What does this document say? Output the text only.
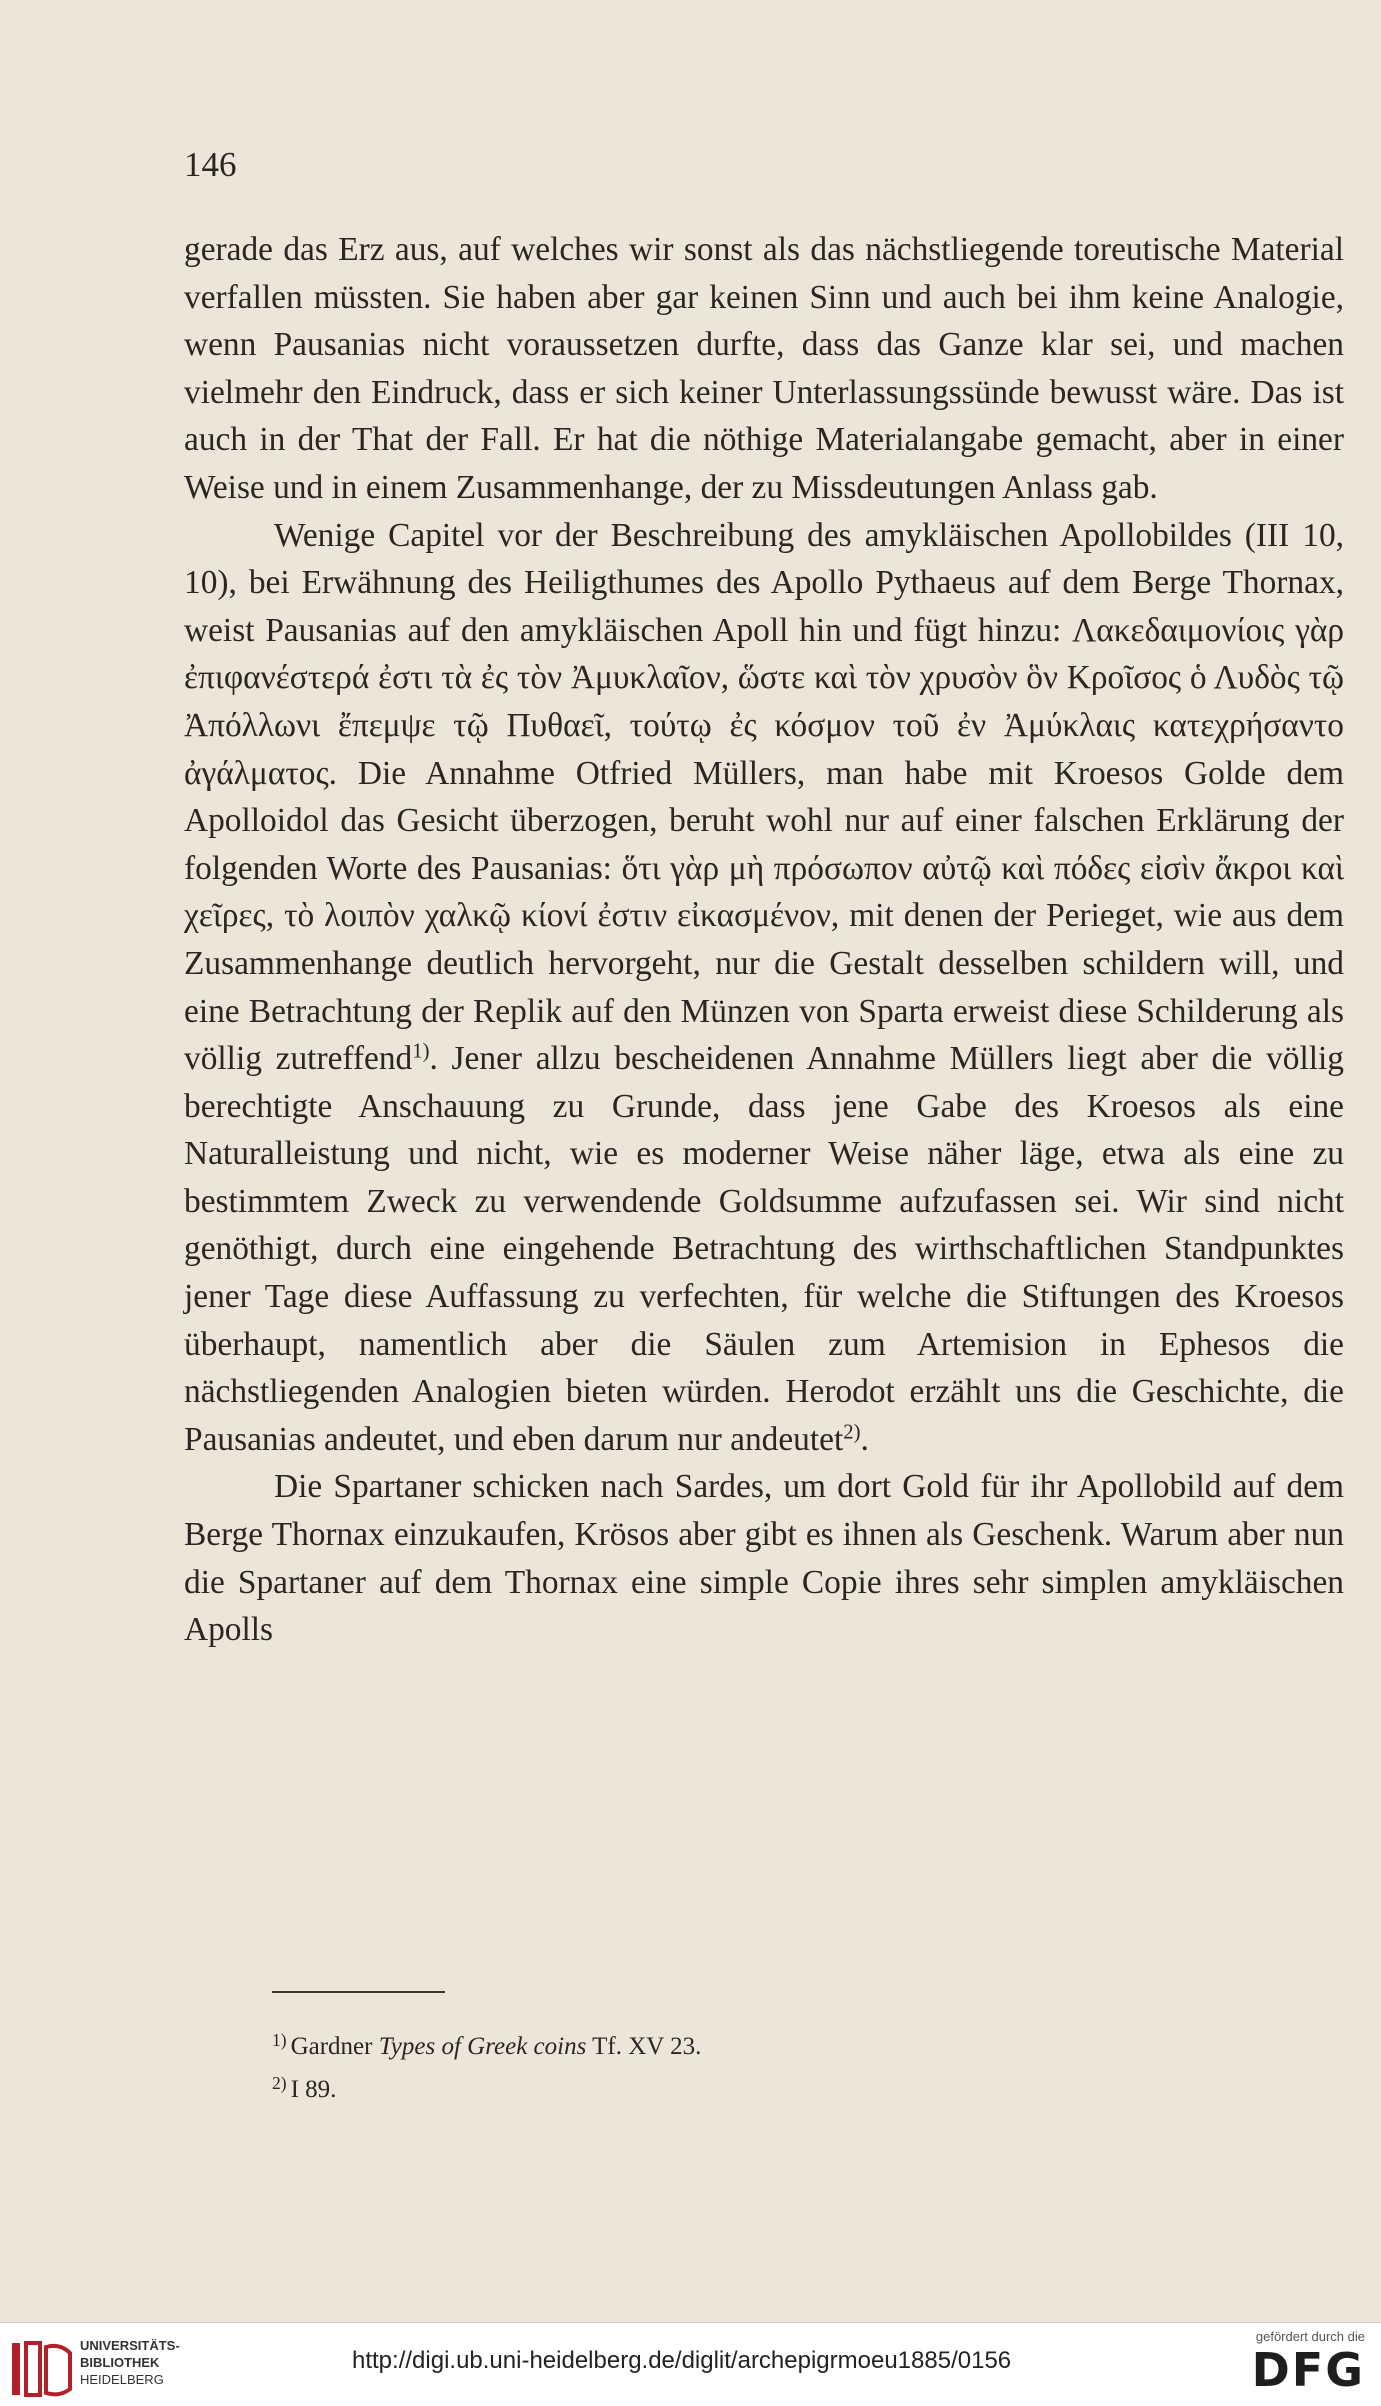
146

gerade das Erz aus, auf welches wir sonst als das nächstliegende toreutische Material verfallen müssten. Sie haben aber gar keinen Sinn und auch bei ihm keine Analogie, wenn Pausanias nicht voraussetzen durfte, dass das Ganze klar sei, und machen vielmehr den Eindruck, dass er sich keiner Unterlassungssünde bewusst wäre. Das ist auch in der That der Fall. Er hat die nöthige Materialangabe gemacht, aber in einer Weise und in einem Zusammenhange, der zu Missdeutungen Anlass gab.

Wenige Capitel vor der Beschreibung des amykläischen Apollobildes (III 10, 10), bei Erwähnung des Heiligthumes des Apollo Pythaeus auf dem Berge Thornax, weist Pausanias auf den amykläischen Apoll hin und fügt hinzu: Λακεδαιμονίοις γὰρ ἐπιφανέστερά ἐστι τὰ ἐς τὸν Ἀμυκλαῖον, ὥστε καὶ τὸν χρυσὸν ὃν Κροῖσος ὁ Λυδὸς τῷ Ἀπόλλωνι ἔπεμψε τῷ Πυθαεῖ, τούτῳ ἐς κόσμον τοῦ ἐν Ἀμύκλαις κατεχρήσαντο ἀγάλματος. Die Annahme Otfried Müllers, man habe mit Kroesos Golde dem Apolloidol das Gesicht überzogen, beruht wohl nur auf einer falschen Erklärung der folgenden Worte des Pausanias: ὅτι γὰρ μὴ πρόσωπον αὐτῷ καὶ πόδες εἰσὶν ἄκροι καὶ χεῖρες, τὸ λοιπὸν χαλκῷ κίονί ἐστιν εἰκασμένον, mit denen der Perieget, wie aus dem Zusammenhange deutlich hervorgeht, nur die Gestalt desselben schildern will, und eine Betrachtung der Replik auf den Münzen von Sparta erweist diese Schilderung als völlig zutreffend$^{1)}$. Jener allzu bescheidenen Annahme Müllers liegt aber die völlig berechtigte Anschauung zu Grunde, dass jene Gabe des Kroesos als eine Naturalleistung und nicht, wie es moderner Weise näher läge, etwa als eine zu bestimmtem Zweck zu verwendende Goldsumme aufzufassen sei. Wir sind nicht genöthigt, durch eine eingehende Betrachtung des wirthschaftlichen Standpunktes jener Tage diese Auffassung zu verfechten, für welche die Stiftungen des Kroesos überhaupt, namentlich aber die Säulen zum Artemision in Ephesos die nächstliegenden Analogien bieten würden. Herodot erzählt uns die Geschichte, die Pausanias andeutet, und eben darum nur andeutet$^{2)}$.

Die Spartaner schicken nach Sardes, um dort Gold für ihr Apollobild auf dem Berge Thornax einzukaufen, Krösos aber gibt es ihnen als Geschenk. Warum aber nun die Spartaner auf dem Thornax eine simple Copie ihres sehr simplen amykläischen Apolls

$^{1)}$ Gardner Types of Greek coins Tf. XV 23.
$^{2)}$ I 89.
UNIVERSITÄTS-
BIBLIOTHEK
HEIDELBERG
http://digi.ub.uni-heidelberg.de/diglit/archepigrmoeu1885/0156
gefördert durch die
DFG
